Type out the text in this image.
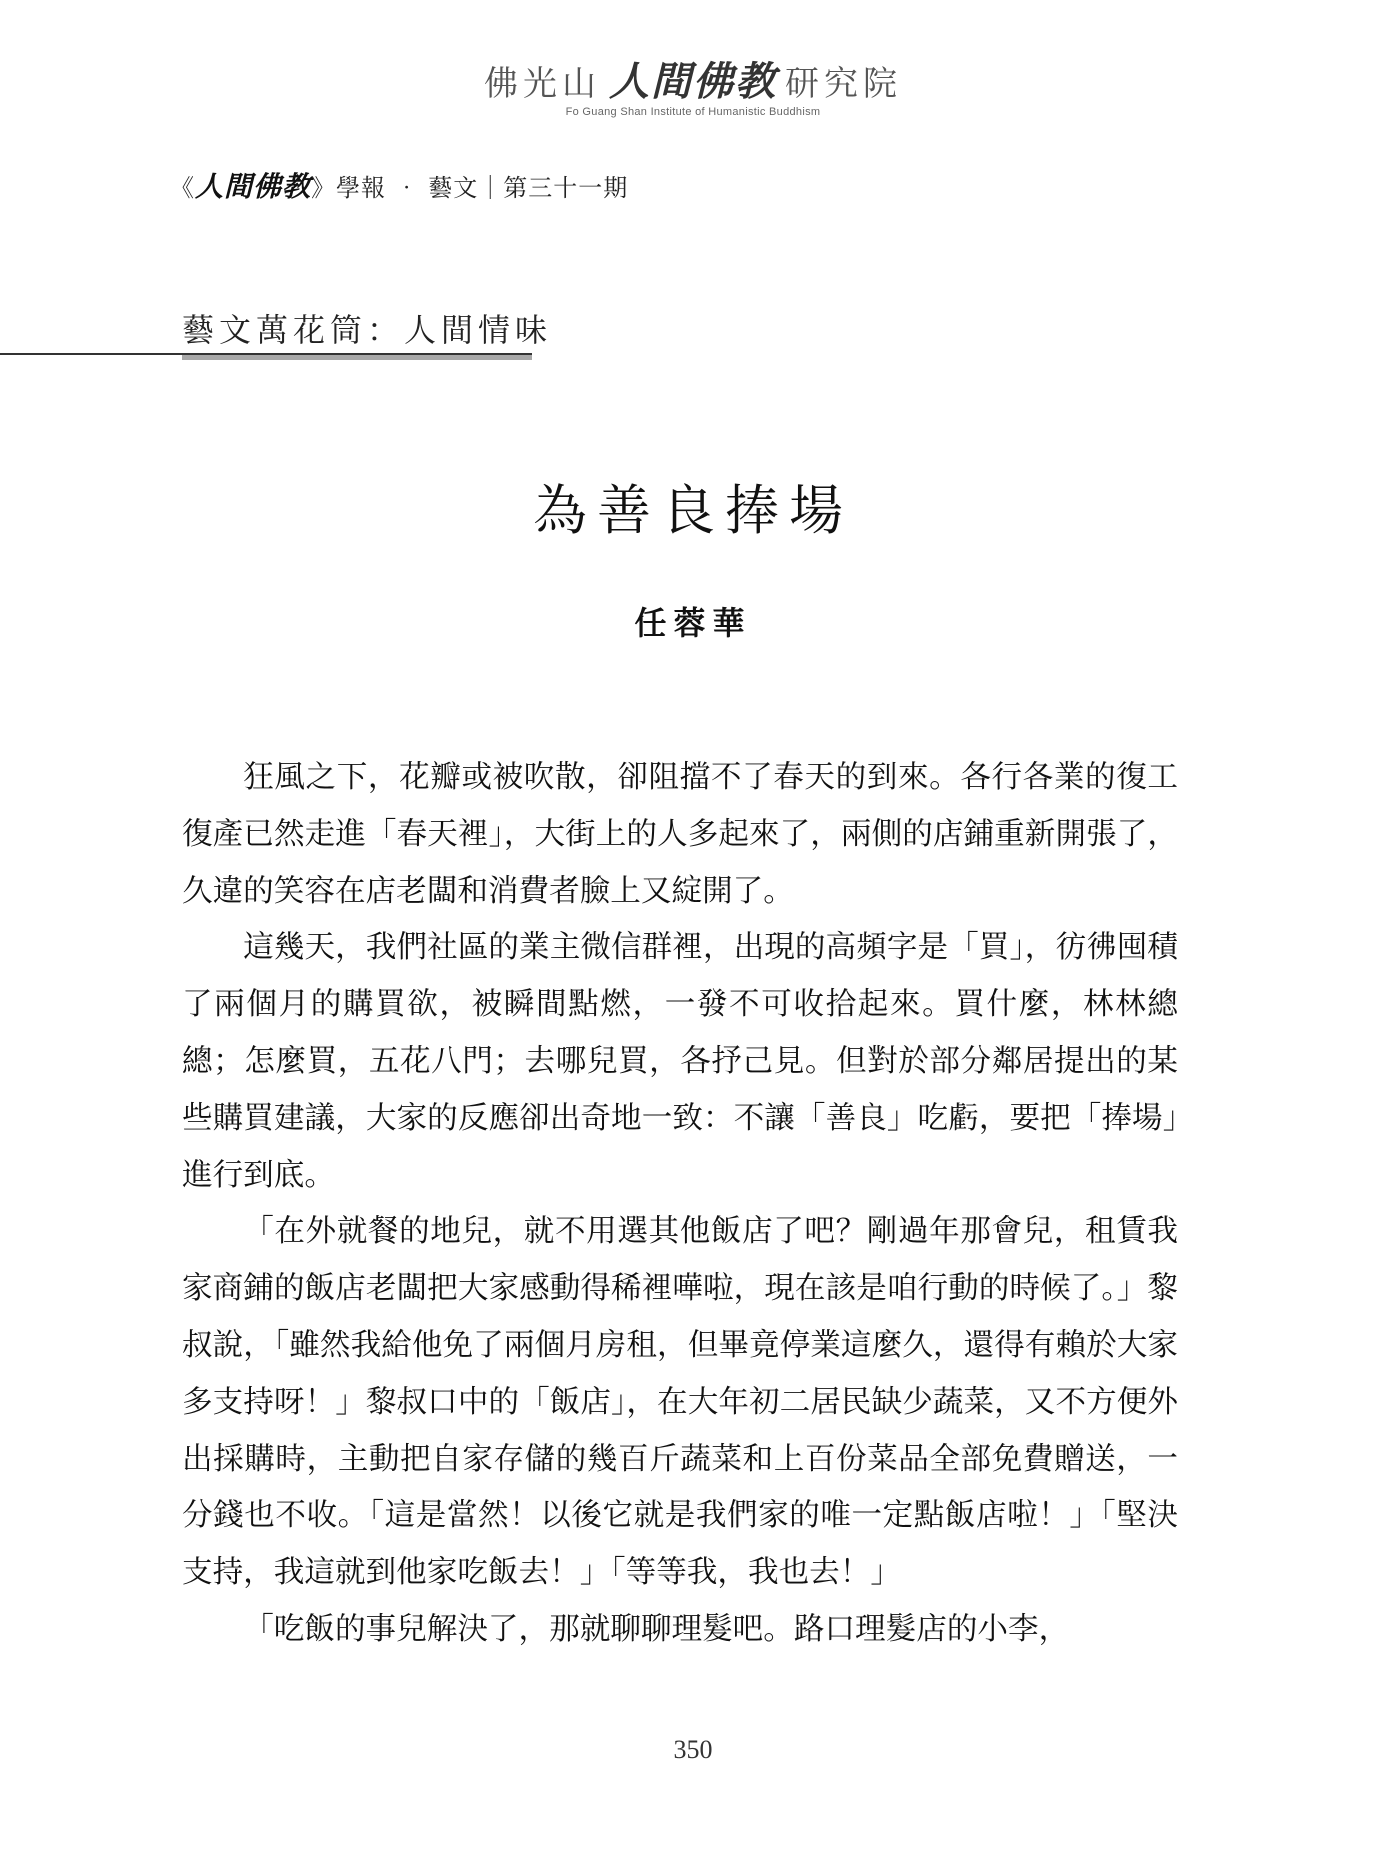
佛光山 人間佛教 研究院
Fo Guang Shan Institute of Humanistic Buddhism
《人間佛教》學報 ‧ 藝文｜第三十一期
藝文萬花筒：人間情味
為善良捧場
任蓉華

狂風之下，花瓣或被吹散，卻阻擋不了春天的到來。各行各業的復工復產已然走進「春天裡」，大街上的人多起來了，兩側的店鋪重新開張了，久違的笑容在店老闆和消費者臉上又綻開了。

這幾天，我們社區的業主微信群裡，出現的高頻字是「買」，彷彿囤積了兩個月的購買欲，被瞬間點燃，一發不可收拾起來。買什麼，林林總總；怎麼買，五花八門；去哪兒買，各抒己見。但對於部分鄰居提出的某些購買建議，大家的反應卻出奇地一致：不讓「善良」吃虧，要把「捧場」進行到底。

「在外就餐的地兒，就不用選其他飯店了吧？剛過年那會兒，租賃我家商鋪的飯店老闆把大家感動得稀裡嘩啦，現在該是咱行動的時候了。」黎叔說，「雖然我給他免了兩個月房租，但畢竟停業這麼久，還得有賴於大家多支持呀！」黎叔口中的「飯店」，在大年初二居民缺少蔬菜，又不方便外出採購時，主動把自家存儲的幾百斤蔬菜和上百份菜品全部免費贈送，一分錢也不收。「這是當然！以後它就是我們家的唯一定點飯店啦！」「堅決支持，我這就到他家吃飯去！」「等等我，我也去！」

「吃飯的事兒解決了，那就聊聊理髮吧。路口理髮店的小李，

350
